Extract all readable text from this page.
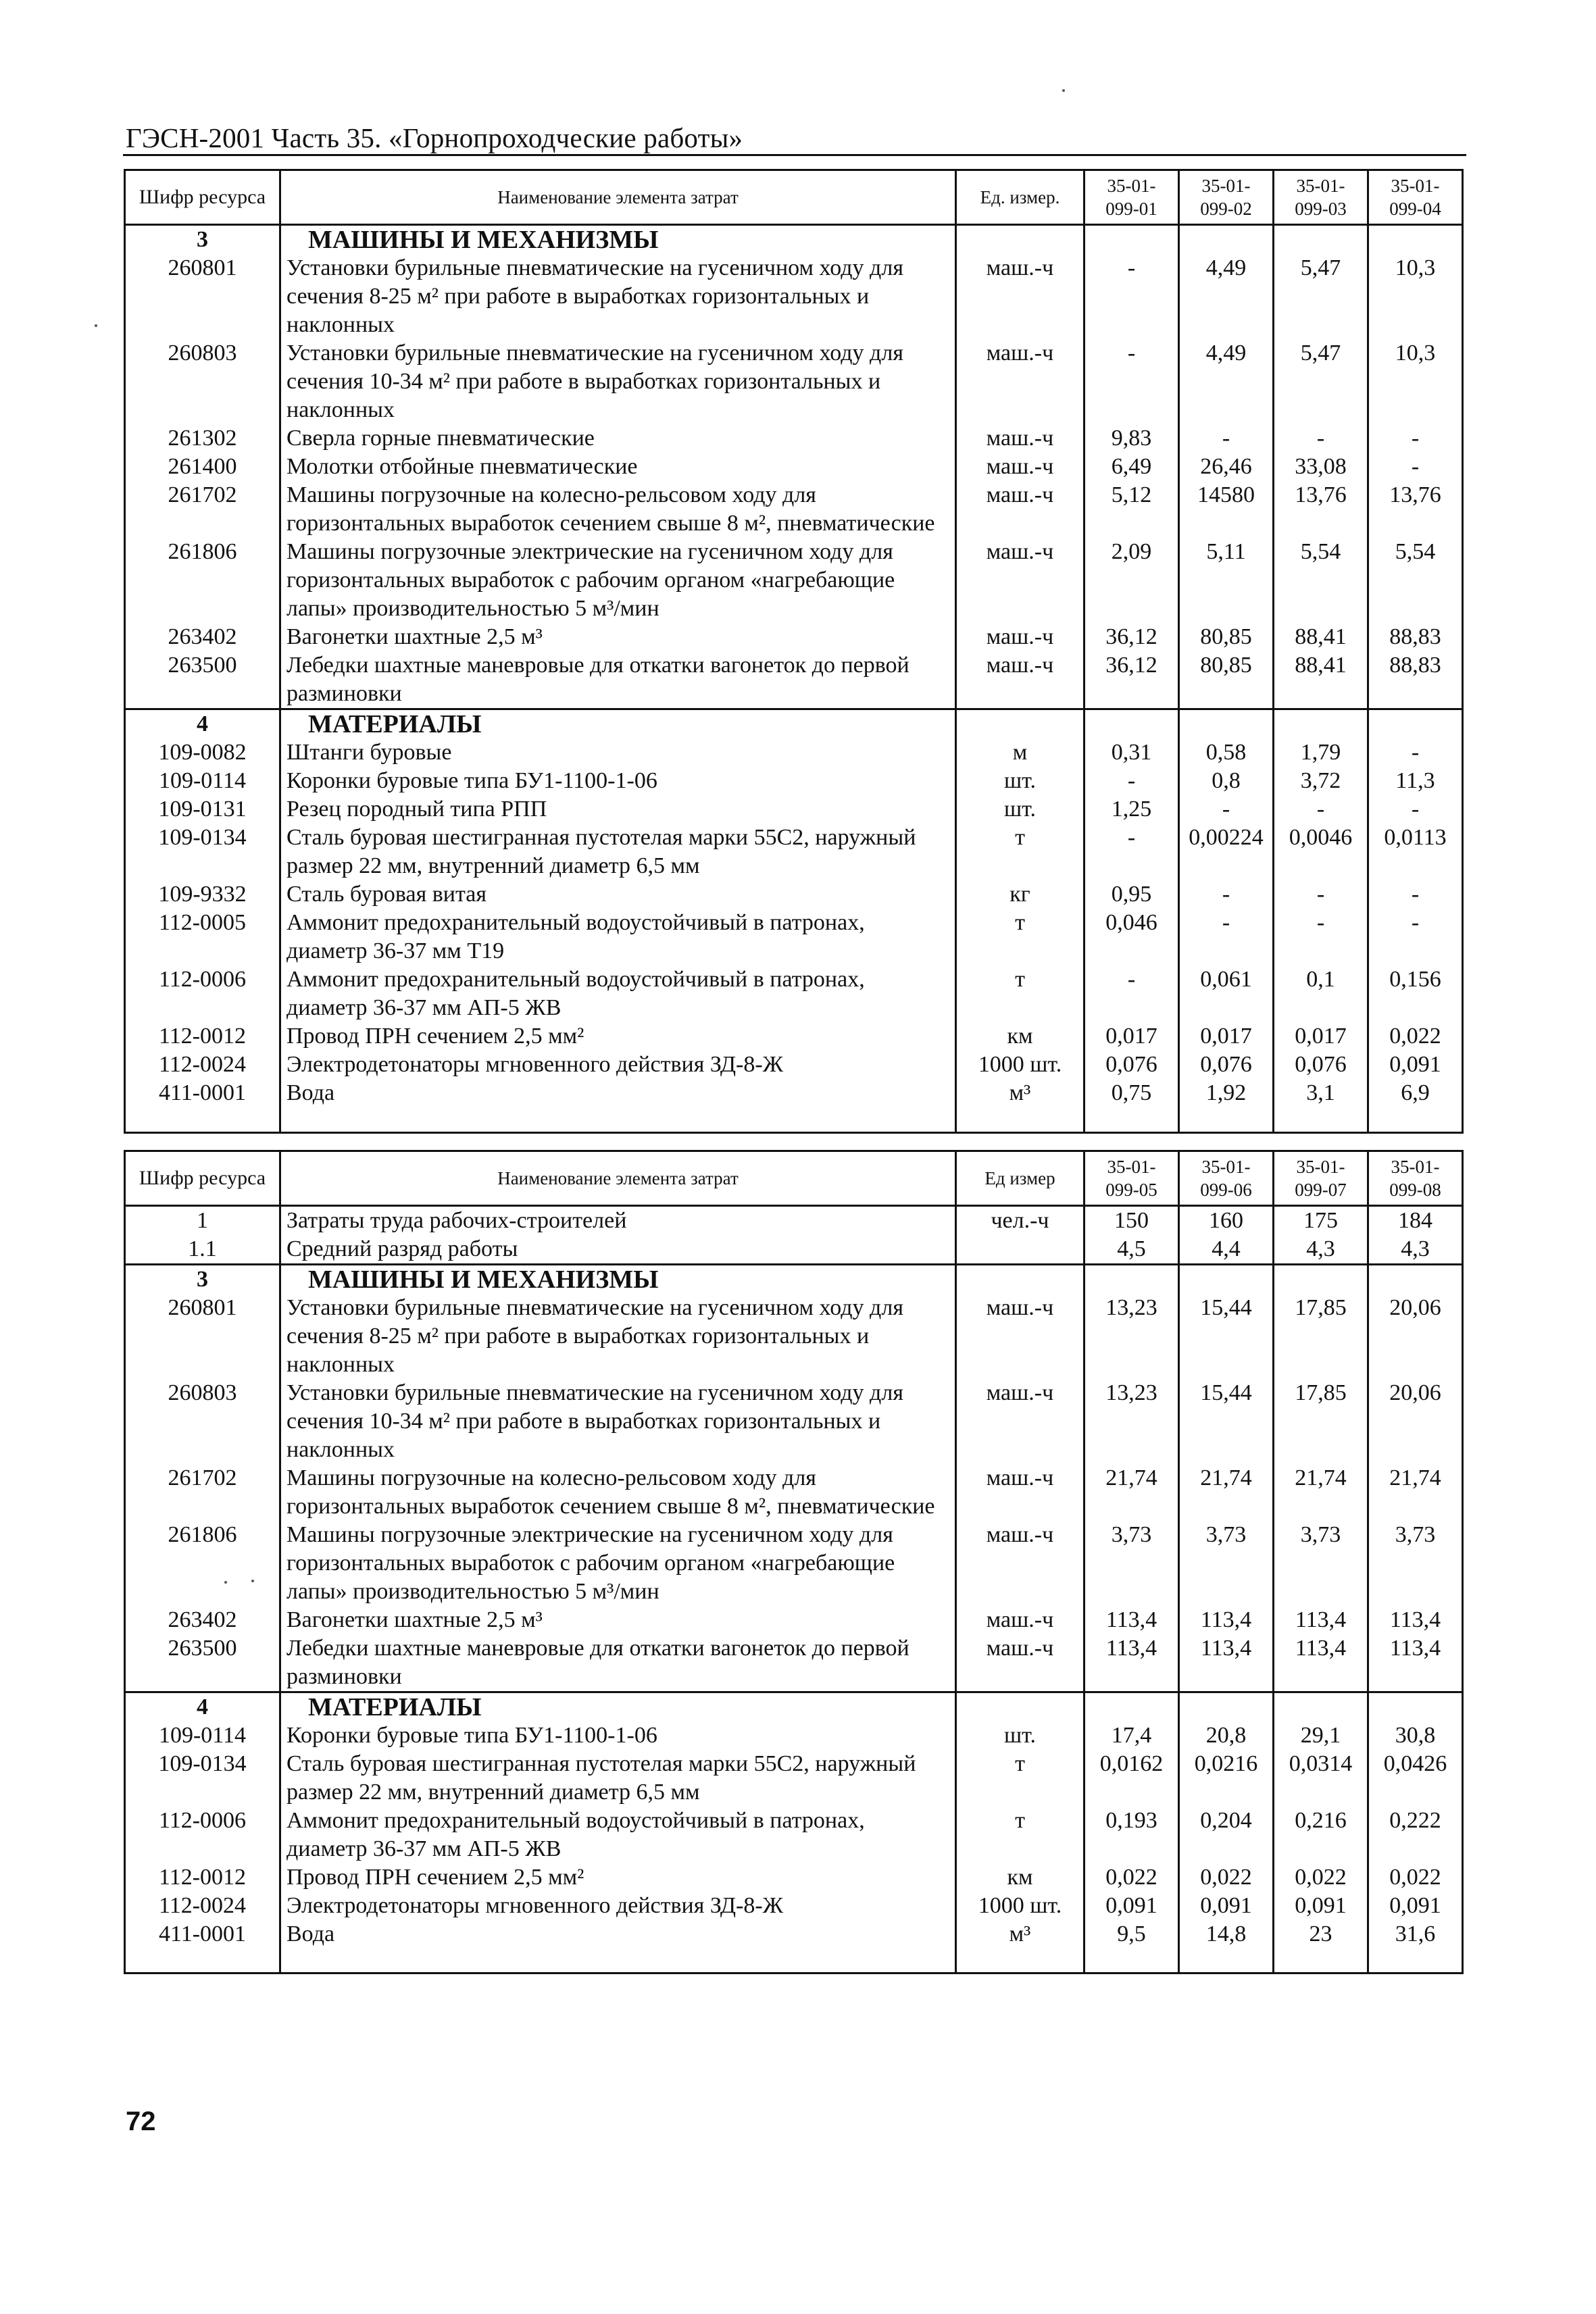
ГЭСН-2001 Часть 35. «Горнопроходческие работы»
Шифр ресурса	Наименование элемента затрат	Ед. измер.	35-01-099-01	35-01-099-02	35-01-099-03	35-01-099-04
3	МАШИНЫ И МЕХАНИЗМЫ					
260801	Установки бурильные пневматические на гусеничном ходу для сечения 8-25 м² при работе в выработках горизонтальных и наклонных	маш.-ч	-	4,49	5,47	10,3
260803	Установки бурильные пневматические на гусеничном ходу для сечения 10-34 м² при работе в выработках горизонтальных и наклонных	маш.-ч	-	4,49	5,47	10,3
261302	Сверла горные пневматические	маш.-ч	9,83	-	-	-
261400	Молотки отбойные пневматические	маш.-ч	6,49	26,46	33,08	-
261702	Машины погрузочные на колесно-рельсовом ходу для горизонтальных выработок сечением свыше 8 м², пневматические	маш.-ч	5,12	14580	13,76	13,76
261806	Машины погрузочные электрические на гусеничном ходу для горизонтальных выработок с рабочим органом «нагребающие лапы» производительностью 5 м³/мин	маш.-ч	2,09	5,11	5,54	5,54
263402	Вагонетки шахтные 2,5 м³	маш.-ч	36,12	80,85	88,41	88,83
263500	Лебедки шахтные маневровые для откатки вагонеток до первой разминовки	маш.-ч	36,12	80,85	88,41	88,83
4	МАТЕРИАЛЫ					
109-0082	Штанги буровые	м	0,31	0,58	1,79	-
109-0114	Коронки буровые типа БУ1-1100-1-06	шт.	-	0,8	3,72	11,3
109-0131	Резец породный типа РПП	шт.	1,25	-	-	-
109-0134	Сталь буровая шестигранная пустотелая марки 55С2, наружный размер 22 мм, внутренний диаметр 6,5 мм	т	-	0,00224	0,0046	0,0113
109-9332	Сталь буровая витая	кг	0,95	-	-	-
112-0005	Аммонит предохранительный водоустойчивый в патронах, диаметр 36-37 мм Т19	т	0,046	-	-	-
112-0006	Аммонит предохранительный водоустойчивый в патронах, диаметр 36-37 мм АП-5 ЖВ	т	-	0,061	0,1	0,156
112-0012	Провод ПРН сечением 2,5 мм²	км	0,017	0,017	0,017	0,022
112-0024	Электродетонаторы мгновенного действия ЗД-8-Ж	1000 шт.	0,076	0,076	0,076	0,091
411-0001	Вода	м³	0,75	1,92	3,1	6,9

Шифр ресурса	Наименование элемента затрат	Ед измер	35-01-099-05	35-01-099-06	35-01-099-07	35-01-099-08
1	Затраты труда рабочих-строителей	чел.-ч	150	160	175	184
1.1	Средний разряд работы		4,5	4,4	4,3	4,3
3	МАШИНЫ И МЕХАНИЗМЫ					
260801	Установки бурильные пневматические на гусеничном ходу для сечения 8-25 м² при работе в выработках горизонтальных и наклонных	маш.-ч	13,23	15,44	17,85	20,06
260803	Установки бурильные пневматические на гусеничном ходу для сечения 10-34 м² при работе в выработках горизонтальных и наклонных	маш.-ч	13,23	15,44	17,85	20,06
261702	Машины погрузочные на колесно-рельсовом ходу для горизонтальных выработок сечением свыше 8 м², пневматические	маш.-ч	21,74	21,74	21,74	21,74
261806	Машины погрузочные электрические на гусеничном ходу для горизонтальных выработок с рабочим органом «нагребающие лапы» производительностью 5 м³/мин	маш.-ч	3,73	3,73	3,73	3,73
263402	Вагонетки шахтные 2,5 м³	маш.-ч	113,4	113,4	113,4	113,4
263500	Лебедки шахтные маневровые для откатки вагонеток до первой разминовки	маш.-ч	113,4	113,4	113,4	113,4
4	МАТЕРИАЛЫ					
109-0114	Коронки буровые типа БУ1-1100-1-06	шт.	17,4	20,8	29,1	30,8
109-0134	Сталь буровая шестигранная пустотелая марки 55С2, наружный размер 22 мм, внутренний диаметр 6,5 мм	т	0,0162	0,0216	0,0314	0,0426
112-0006	Аммонит предохранительный водоустойчивый в патронах, диаметр 36-37 мм АП-5 ЖВ	т	0,193	0,204	0,216	0,222
112-0012	Провод ПРН сечением 2,5 мм²	км	0,022	0,022	0,022	0,022
112-0024	Электродетонаторы мгновенного действия ЗД-8-Ж	1000 шт.	0,091	0,091	0,091	0,091
411-0001	Вода	м³	9,5	14,8	23	31,6

72
